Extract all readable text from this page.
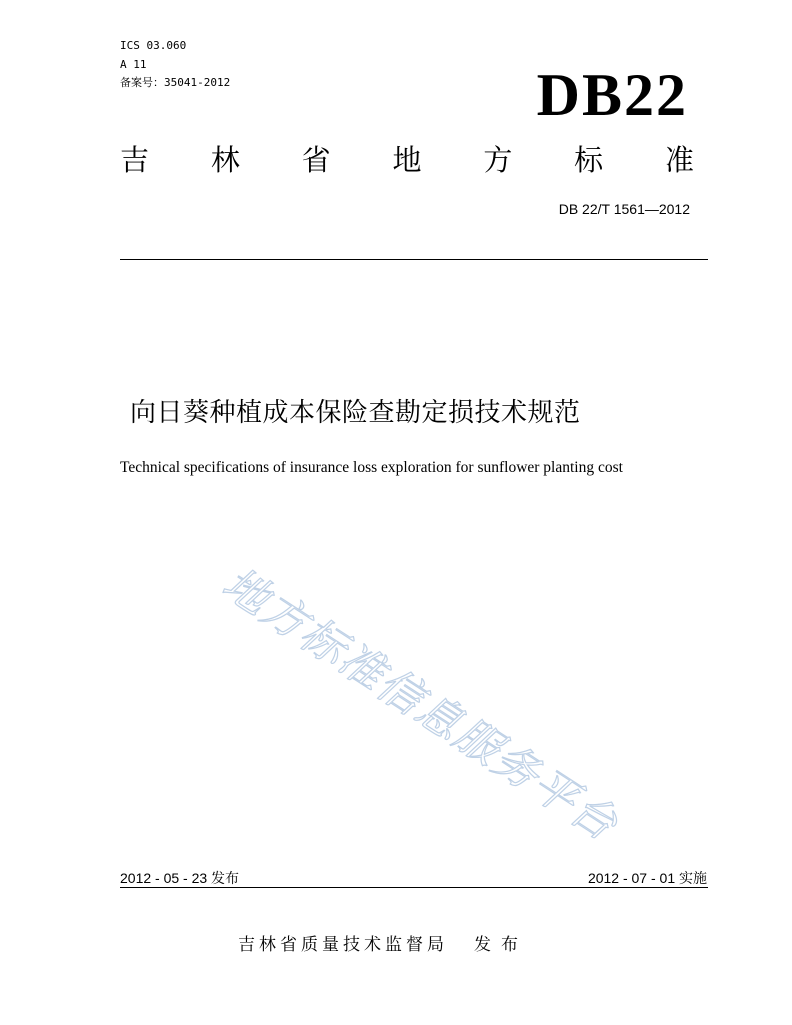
ICS 03.060
A 11
备案号：35041-2012	DB22
吉 林 省 地 方 标 准
DB 22/T 1561—2012
向日葵种植成本保险查勘定损技术规范
Technical specifications of insurance loss exploration for sunflower planting cost
地方标准信息服务平台
2012 - 05 - 23 发布	2012 - 07 - 01 实施
吉林省质量技术监督局 发布
